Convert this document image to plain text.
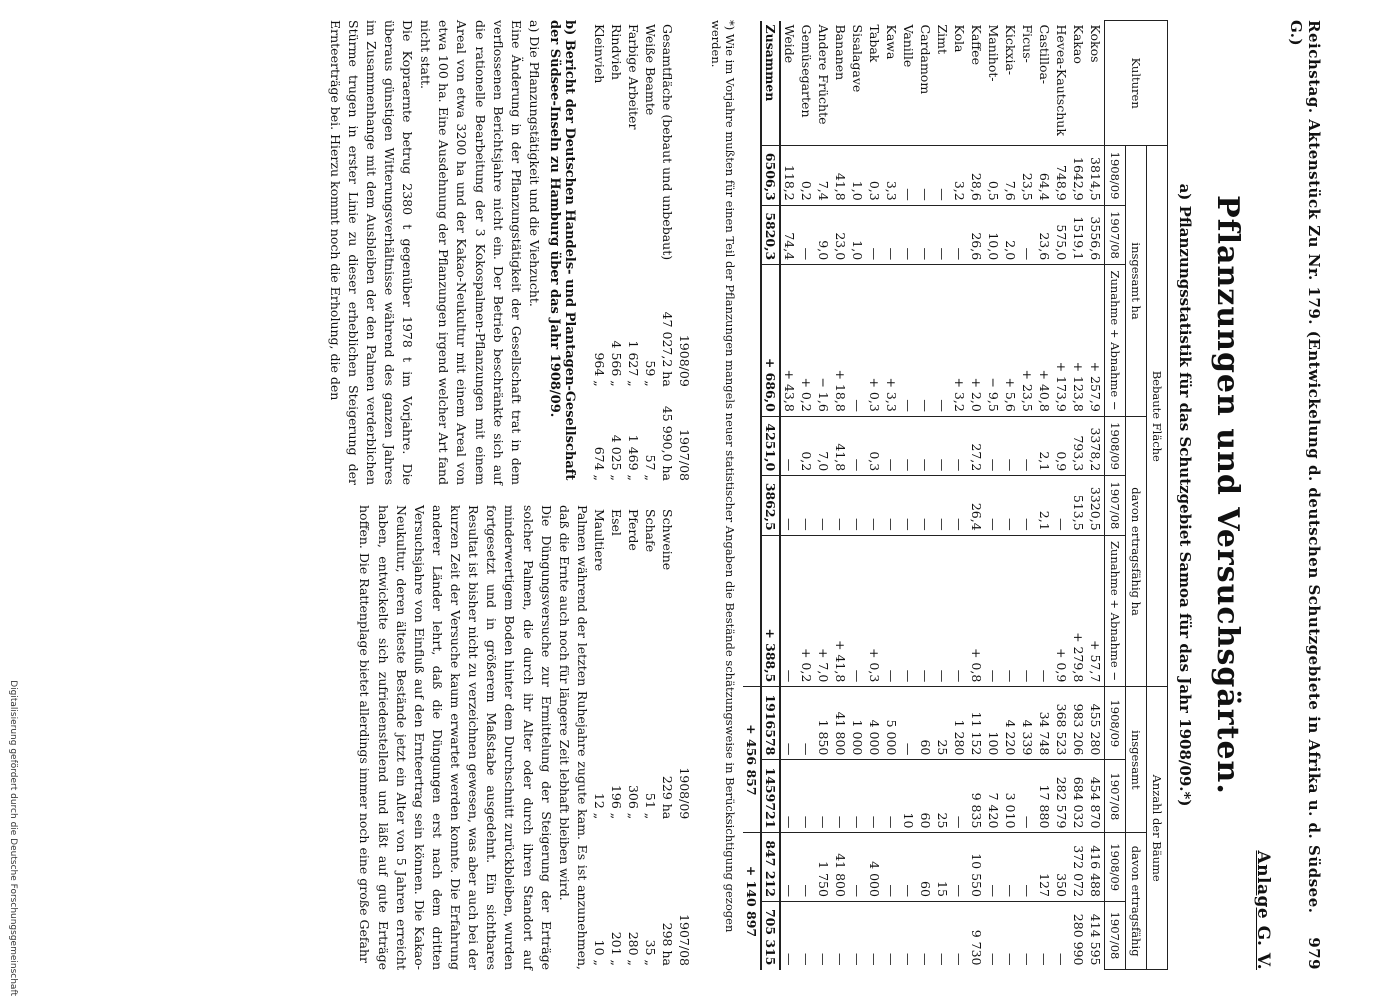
Reichstag. Aktenstück Zu Nr. 179. (Entwickelung d. deutschen Schutzgebiete in Afrika u. d. Südsee. G.)
979
Anlage G. V.
Pflanzungen und Versuchsgärten.
a) Pflanzungsstatistik für das Schutzgebiet Samoa für das Jahr 1908/09.*)
Kulturen	Bebaute Fläche						Anzahl der Bäume			
	insgesamt ha			davon ertragsfähig ha			insgesamt		davon ertragsfähig	
	1908/09	1907/08	Zunahme + Abnahme −	1908/09	1907/08	Zunahme + Abnahme −	1908/09	1907/08	1908/09	1907/08
Kokos	3814,5	3556,6	+ 257,9	3378,2	3320,5	+ 57,7	455 280	454 870	416 488	414 595
Kakao	1642,9	1519,1	+ 123,8	793,3	513,5	+ 279,8	983 206	684 032	372 072	280 990
Hevea-Kautschuk	748,9	575,0	+ 173,9	0,9	—	+ 0,9	368 523	282 579	350	—
Castilloa-	64,4	23,6	+ 40,8	2,1	2,1	—	34 748	17 880	127	—
Ficus-	23,5	—	+ 23,5	—	—	—	4 339	—	—	—
Kickxia-	7,6	2,0	+ 5,6	—	—	—	4 220	3 010	—	—
Manihot-	0,5	10,0	− 9,5	—	—	—	100	7 420	—	—
Kaffee	28,6	26,6	+ 2,0	27,2	26,4	+ 0,8	11 152	9 835	10 550	9 730
Kola	3,2	—	+ 3,2	—	—	—	1 280	—	—	—
Zimt	—	—	—	—	—	—	25	25	15	—
Cardamom	—	—	—	—	—	—	60	60	60	—
Vanille	—	—	—	—	—	—	—	10	—	—
Kawa	3,3	—	+ 3,3	—	—	—	5 000	—	—	—
Tabak	0,3	—	+ 0,3	0,3	—	+ 0,3	4 000	—	4 000	—
Sisalagave	1,0	1,0	—	—	—	—	1 000	—	—	—
Bananen	41,8	23,0	+ 18,8	41,8	—	+ 41,8	41 800	—	41 800	—
Andere Früchte	7,4	9,0	− 1,6	7,0	—	+ 7,0	1 850	—	1 750	—
Gemüsegarten	0,2	—	+ 0,2	0,2	—	+ 0,2	—	—	—	—
Weide	118,2	74,4	+ 43,8	—	—	—	—	—	—	—
Zusammen	6506,3	5820,3	+ 686,0	4251,0	3862,5	+ 388,5	1916578	1459721	847 212	705 315
							+ 456 857		+ 140 897	
*) Wie im Vorjahre mußten für einen Teil der Pflanzungen mangels neuer statistischer Angaben die Bestände schätzungsweise in Berücksichtigung gezogen werden.
	1908/09	1907/08
Gesamtfläche (bebaut und unbebaut)	47 027,2 ha	45 990,0 ha
Weiße Beamte	59 „	57 „
Farbige Arbeiter	1 627 „	1 469 „
Rindvieh	4 566 „	4 025 „
Kleinvieh	964 „	674 „
b) Bericht der Deutschen Handels- und Plantagen-Gesellschaft der Südsee-Inseln zu Hamburg über das Jahr 1908/09.
a) Die Pflanzungstätigkeit und die Viehzucht.
Eine Änderung in der Pflanzungstätigkeit der Gesellschaft trat in dem verflossenen Berichtsjahre nicht ein. Der Betrieb beschränkte sich auf die rationelle Bearbeitung der 3 Kokospalmen-Pflanzungen mit einem Areal von etwa 3200 ha und der Kakao-Neukultur mit einem Areal von etwa 100 ha. Eine Ausdehnung der Pflanzungen irgend welcher Art fand nicht statt.
Die Kopraernte betrug 2380 t gegenüber 1978 t im Vorjahre. Die überaus günstigen Witterungsverhältnisse während des ganzen Jahres im Zusammenhange mit dem Ausbleiben der den Palmen verderblichen Stürme trugen in erster Linie zu dieser erheblichen Steigerung der Ernteerträge bei. Hierzu kommt noch die Erholung, die den
	1908/09	1907/08
Schweine	229 ha	298 ha
Schafe	51 „	35 „
Pferde	306 „	280 „
Esel	196 „	201 „
Maultiere	12 „	10 „
Palmen während der letzten Ruhejahre zugute kam. Es ist anzunehmen, daß die Ernte auch noch für längere Zeit lebhaft bleiben wird.
Die Düngungsversuche zur Ermittelung der Steigerung der Erträge solcher Palmen, die durch ihr Alter oder durch ihren Standort auf minderwertigem Boden hinter dem Durchschnitt zurückbleiben, wurden fortgesetzt und in größerem Maßstabe ausgedehnt. Ein sichtbares Resultat ist bisher nicht zu verzeichnen gewesen, was aber auch bei der kurzen Zeit der Versuche kaum erwartet werden konnte. Die Erfahrung anderer Länder lehrt, daß die Düngungen erst nach dem dritten Versuchsjahre von Einfluß auf den Ernteertrag sein können. Die Kakao-Neukultur, deren älteste Bestände jetzt ein Alter von 5 Jahren erreicht haben, entwickelte sich zufriedenstellend und läßt auf gute Erträge hoffen. Die Rattenplage bietet allerdings immer noch eine große Gefahr
Digitalisierung gefördert durch die Deutsche Forschungsgemeinschaft
